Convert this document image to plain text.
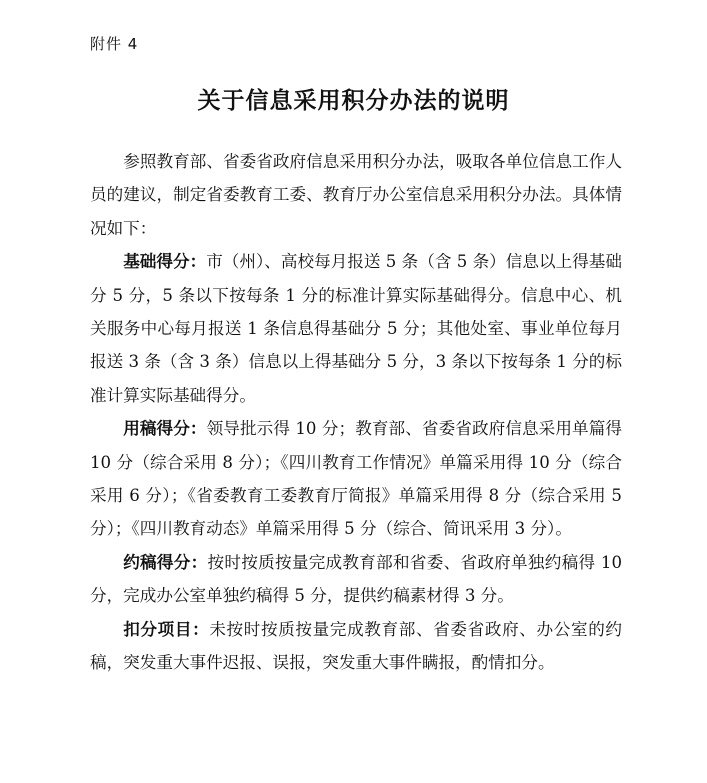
附件 4
关于信息采用积分办法的说明

参照教育部、省委省政府信息采用积分办法，吸取各单位信息工作人员的建议，制定省委教育工委、教育厅办公室信息采用积分办法。具体情况如下：

基础得分：市（州）、高校每月报送 5 条（含 5 条）信息以上得基础分 5 分，5 条以下按每条 1 分的标准计算实际基础得分。信息中心、机关服务中心每月报送 1 条信息得基础分 5 分；其他处室、事业单位每月报送 3 条（含 3 条）信息以上得基础分 5 分，3 条以下按每条 1 分的标准计算实际基础得分。

用稿得分：领导批示得 10 分；教育部、省委省政府信息采用单篇得 10 分（综合采用 8 分）；《四川教育工作情况》单篇采用得 10 分（综合采用 6 分）；《省委教育工委教育厅简报》单篇采用得 8 分（综合采用 5 分）；《四川教育动态》单篇采用得 5 分（综合、简讯采用 3 分）。

约稿得分：按时按质按量完成教育部和省委、省政府单独约稿得 10 分，完成办公室单独约稿得 5 分，提供约稿素材得 3 分。

扣分项目：未按时按质按量完成教育部、省委省政府、办公室的约稿，突发重大事件迟报、误报，突发重大事件瞒报，酌情扣分。
